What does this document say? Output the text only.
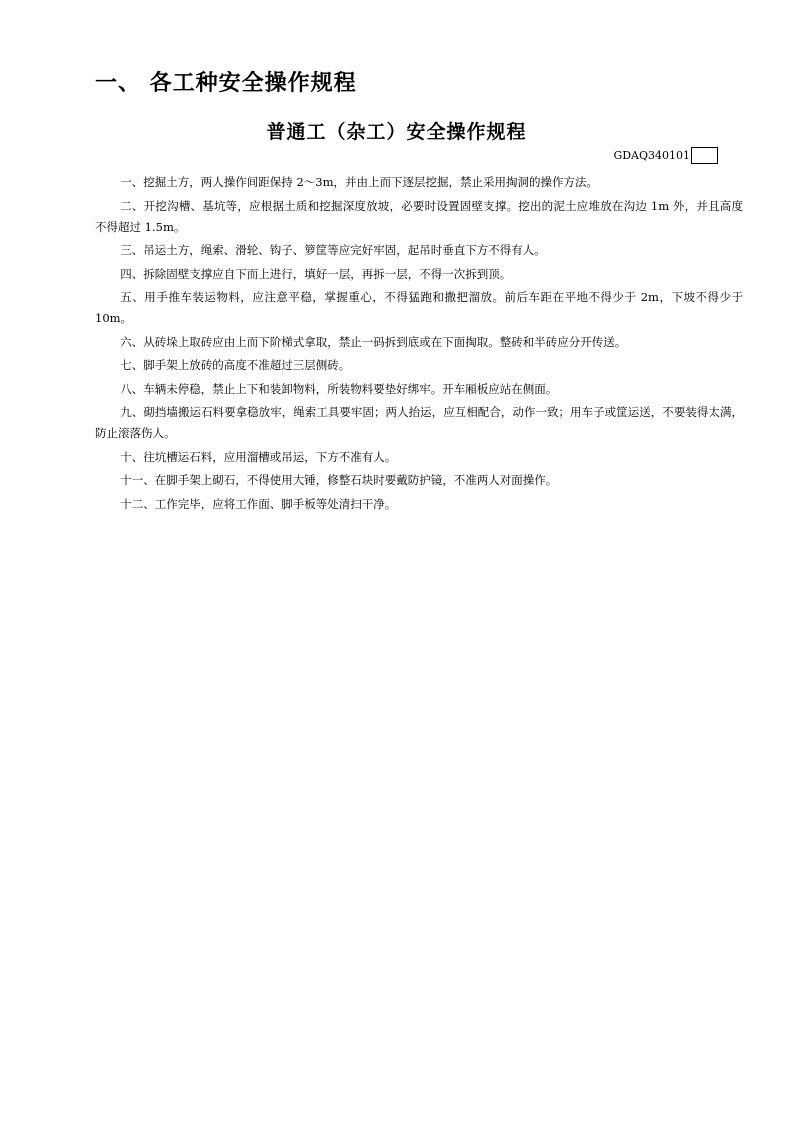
一、 各工种安全操作规程
普通工（杂工）安全操作规程
GDAQ340101

一、挖掘土方，两人操作间距保持 2～3m，并由上而下逐层挖掘，禁止采用掏洞的操作方法。

二、开挖沟槽、基坑等，应根据土质和挖掘深度放坡，必要时设置固壁支撑。挖出的泥土应堆放在沟边 1m 外，并且高度不得超过 1.5m。

三、吊运土方，绳索、滑轮、钩子、箩筐等应完好牢固，起吊时垂直下方不得有人。

四、拆除固壁支撑应自下而上进行，填好一层，再拆一层，不得一次拆到顶。

五、用手推车装运物料，应注意平稳，掌握重心，不得猛跑和撒把溜放。前后车距在平地不得少于 2m，下坡不得少于 10m。

六、从砖垛上取砖应由上而下阶梯式拿取，禁止一码拆到底或在下面掏取。整砖和半砖应分开传送。

七、脚手架上放砖的高度不准超过三层侧砖。

八、车辆未停稳，禁止上下和装卸物料，所装物料要垫好绑牢。开车厢板应站在侧面。

九、砌挡墙搬运石料要拿稳放牢，绳索工具要牢固；两人抬运，应互相配合，动作一致；用车子或筐运送，不要装得太满，防止滚落伤人。

十、往坑槽运石料，应用溜槽或吊运，下方不准有人。

十一、在脚手架上砌石，不得使用大锤，修整石块时要戴防护镜，不准两人对面操作。

十二、工作完毕，应将工作面、脚手板等处清扫干净。
